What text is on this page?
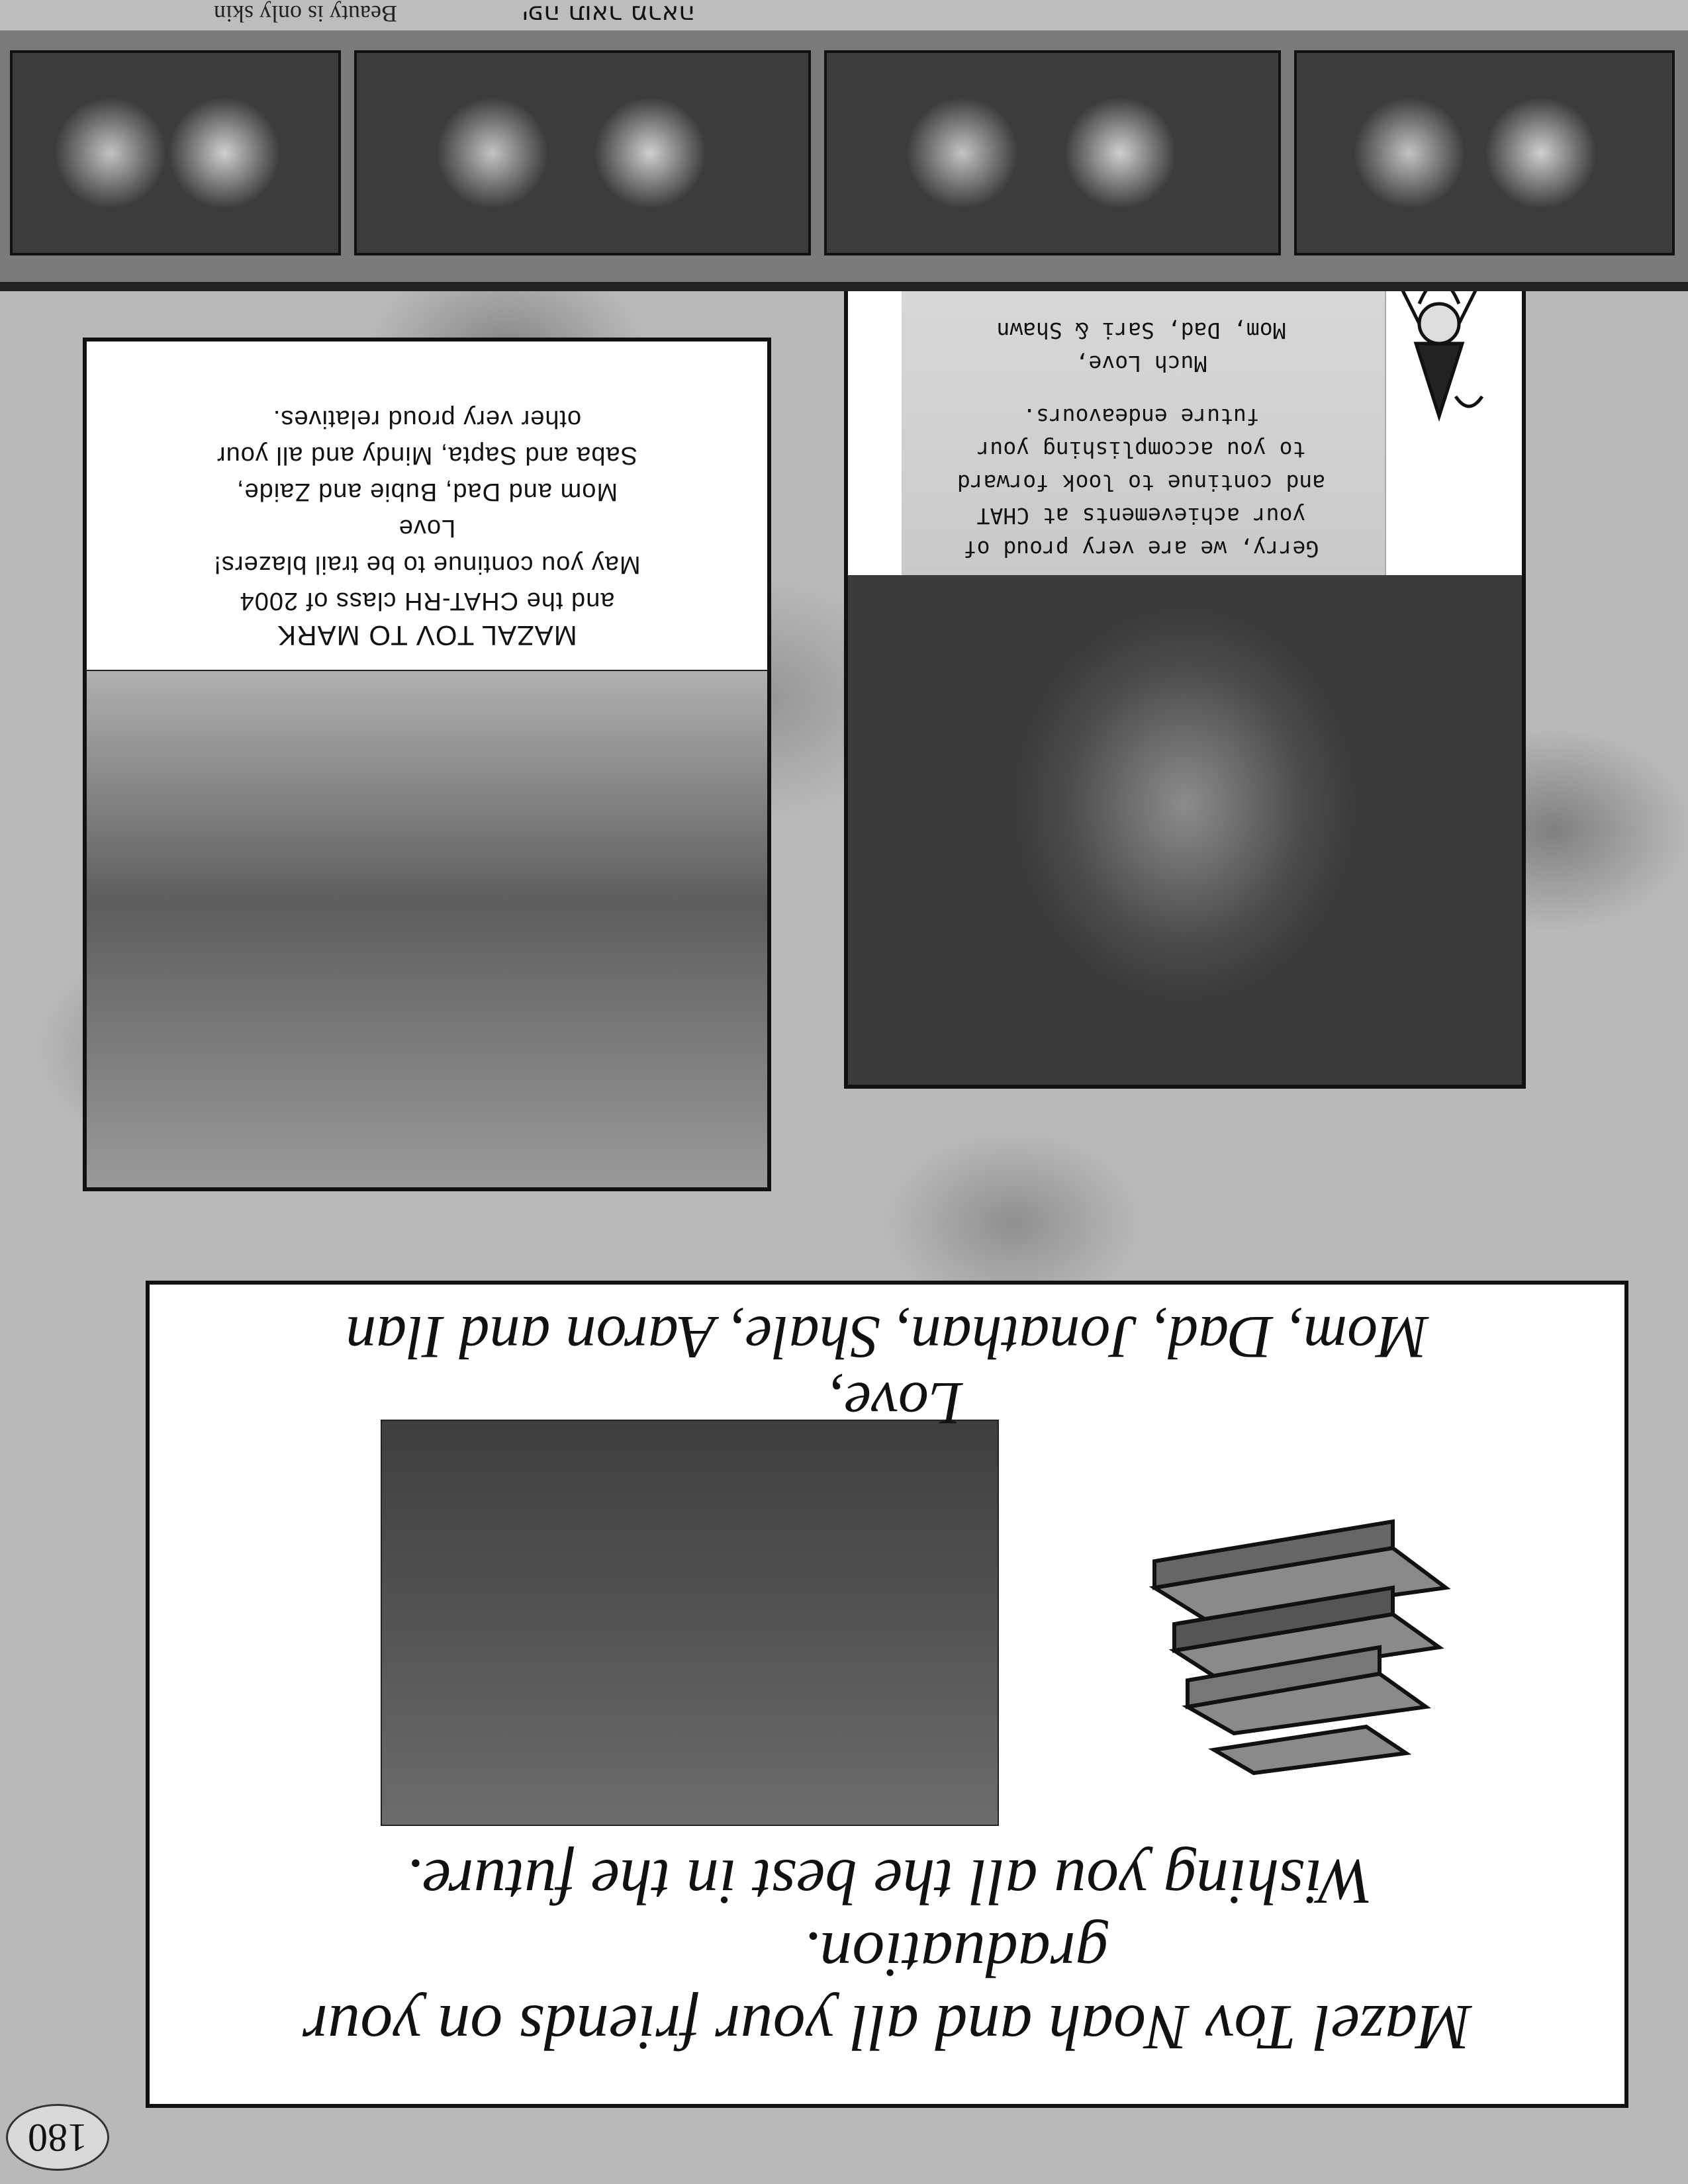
180
Mazel Tov Noah and all your friends on your
graduation.
Wishing you all the best in the future.
Love,
Mom, Dad, Jonathan, Shale, Aaron and Ilan
Gerry, we are very proud of
your achievements at CHAT
and continue to look forward
to you accomplishing your
future endeavours.
Much Love,
Mom, Dad, Sari & Shawn
MAZAL TOV TO MARK
and the CHAT-RH class of 2004
May you continue to be trail blazers!
Love
Mom and Dad, Bubie and Zaide,
Saba and Sapta, Mindy and all your
other very proud relatives.
יפה תואר מראה
Beauty is only skin
